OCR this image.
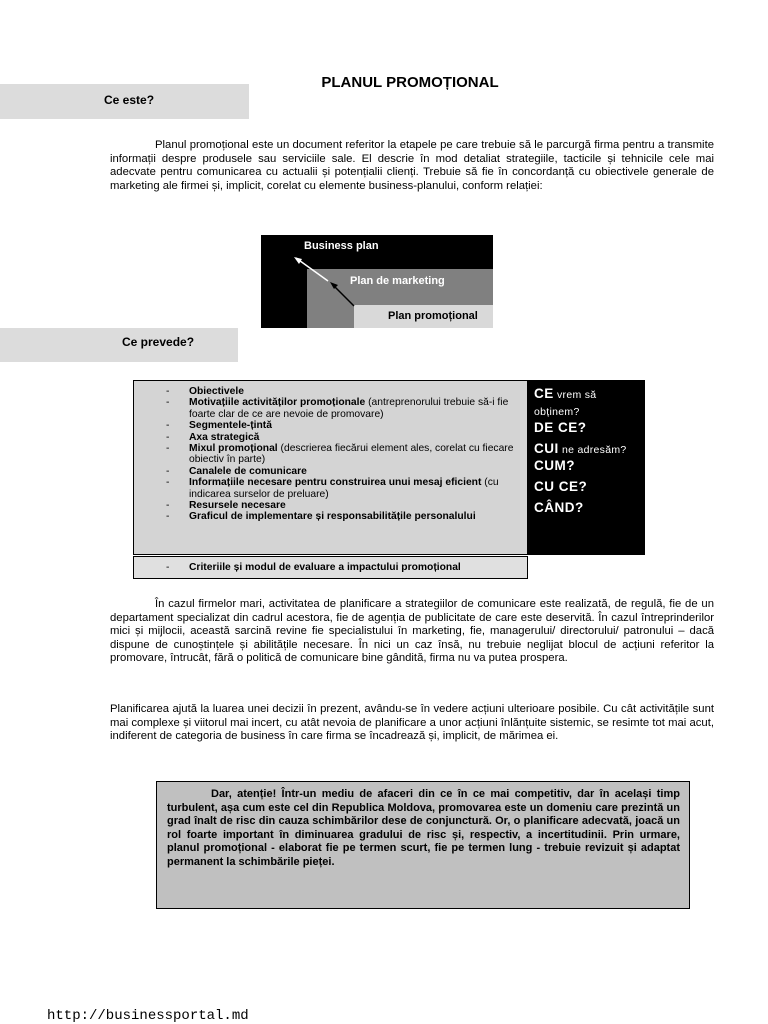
Ce este?
PLANUL PROMOȚIONAL

Planul promoțional este un document referitor la etapele pe care trebuie să le parcurgă firma pentru a transmite informații despre produsele sau serviciile sale. El descrie în mod detaliat strategiile, tacticile și tehnicile cele mai adecvate pentru comunicarea cu actualii și potențialii clienți. Trebuie să fie în concordanță cu obiectivele generale de marketing ale firmei și, implicit, corelat cu elemente business-planului, conform relației:

Business plan
Plan de marketing
Plan promoțional
Ce prevede?
- Obiectivele
- Motivațiile activităților promoționale (antreprenorului trebuie să-i fie foarte clar de ce are nevoie de promovare)
- Segmentele-țintă
- Axa strategică
- Mixul promoțional (descrierea fiecărui element ales, corelat cu fiecare obiectiv în parte)
- Canalele de comunicare
- Informațiile necesare pentru construirea unui mesaj eficient (cu indicarea surselor de preluare)
- Resursele necesare
- Graficul de implementare și responsabilitățile personalului
CE vrem să obținem?
DE CE?
CUI ne adresăm?
CUM?
CU CE?
CÂND?
- Criteriile și modul de evaluare a impactului promoțional

În cazul firmelor mari, activitatea de planificare a strategiilor de comunicare este realizată, de regulă, fie de un departament specializat din cadrul acestora, fie de agenția de publicitate de care este deservită. În cazul întreprinderilor mici și mijlocii, această sarcină revine fie specialistului în marketing, fie, managerului/ directorului/ patronului – dacă dispune de cunoștințele și abilitățile necesare. În nici un caz însă, nu trebuie neglijat blocul de acțiuni referitor la promovare, întrucât, fără o politică de comunicare bine gândită, firma nu va putea prospera.

Planificarea ajută la luarea unei decizii în prezent, avându-se în vedere acțiuni ulterioare posibile. Cu cât activitățile sunt mai complexe și viitorul mai incert, cu atât nevoia de planificare a unor acțiuni înlănțuite sistemic, se resimte tot mai acut, indiferent de categoria de business în care firma se încadrează și, implicit, de mărimea ei.

Dar, atenție! Într-un mediu de afaceri din ce în ce mai competitiv, dar în același timp turbulent, așa cum este cel din Republica Moldova, promovarea este un domeniu care prezintă un grad înalt de risc din cauza schimbărilor dese de conjunctură. Or, o planificare adecvată, joacă un rol foarte important în diminuarea gradului de risc și, respectiv, a incertitudinii. Prin urmare, planul promoțional - elaborat fie pe termen scurt, fie pe termen lung - trebuie revizuit și adaptat permanent la schimbările pieței.
http://businessportal.md
